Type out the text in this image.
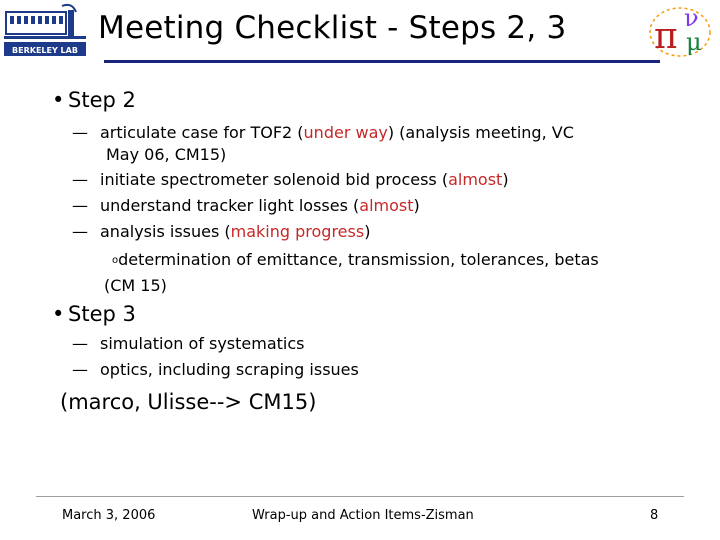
BERKELEY LAB	π ν
μ
Meeting Checklist - Steps 2, 3
• Step 2
— articulate case for TOF2 (under way) (analysis meeting, VC
May 06, CM15)
— initiate spectrometer solenoid bid process (almost)
— understand tracker light losses (almost)
— analysis issues (making progress)
odetermination of emittance, transmission, tolerances, betas
(CM 15)
• Step 3
— simulation of systematics
— optics, including scraping issues
(marco, Ulisse--> CM15)
March 3, 2006	Wrap-up and Action Items-Zisman	8
